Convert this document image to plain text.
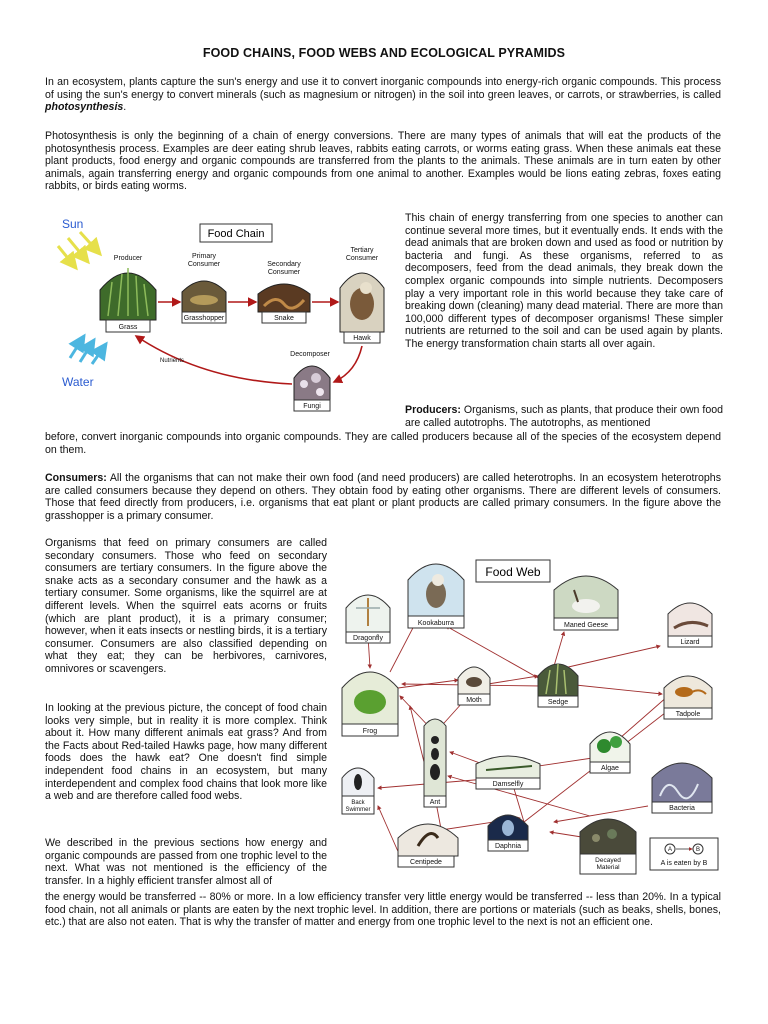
FOOD CHAINS, FOOD WEBS AND ECOLOGICAL PYRAMIDS
In an ecosystem, plants capture the sun's energy and use it to convert inorganic compounds into energy-rich organic compounds. This process of using the sun's energy to convert minerals (such as magnesium or nitrogen) in the soil into green leaves, or carrots, or strawberries, is called photosynthesis.
Photosynthesis is only the beginning of a chain of energy conversions. There are many types of animals that will eat the products of the photosynthesis process. Examples are deer eating shrub leaves, rabbits eating carrots, or worms eating grass. When these animals eat these plant products, food energy and organic compounds are transferred from the plants to the animals. These animals are in turn eaten by other animals, again transferring energy and organic compounds from one animal to another. Examples would be lions eating zebras, foxes eating rabbits, or birds eating worms.
Sun
Water
Food Chain
Producer
Grass
Primary Consumer
Grasshopper
Secondary Consumer
Snake
Tertiary Consumer
Hawk
Decomposer
Fungi
Nutrients
This chain of energy transferring from one species to another can continue several more times, but it eventually ends. It ends with the dead animals that are broken down and used as food or nutrition by bacteria and fungi. As these organisms, referred to as decomposers, feed from the dead animals, they break down the complex organic compounds into simple nutrients. Decomposers play a very important role in this world because they take care of breaking down (cleaning) many dead material. There are more than 100,000 different types of decomposer organisms! These simpler nutrients are returned to the soil and can be used again by plants. The energy transformation chain starts all over again.
Producers: Organisms, such as plants, that produce their own food are called autotrophs. The autotrophs, as mentioned
before, convert inorganic compounds into organic compounds. They are called producers because all of the species of the ecosystem depend on them.
Consumers: All the organisms that can not make their own food (and need producers) are called heterotrophs. In an ecosystem heterotrophs are called consumers because they depend on others. They obtain food by eating other organisms. There are different levels of consumers. Those that feed directly from producers, i.e. organisms that eat plant or plant products are called primary consumers. In the figure above the grasshopper is a primary consumer.
Organisms that feed on primary consumers are called secondary consumers. Those who feed on secondary consumers are tertiary consumers. In the figure above the snake acts as a secondary consumer and the hawk as a tertiary consumer. Some organisms, like the squirrel are at different levels. When the squirrel eats acorns or fruits (which are plant product), it is a primary consumer; however, when it eats insects or nestling birds, it is a tertiary consumer. Consumers are also classified depending on what they eat; they can be herbivores, carnivores, omnivores or scavengers.
In looking at the previous picture, the concept of food chain looks very simple, but in reality it is more complex. Think about it. How many different animals eat grass? And from the Facts about Red-tailed Hawks page, how many different foods does the hawk eat? One doesn't find simple independent food chains in an ecosystem, but many interdependent and complex food chains that look more like a web and are therefore called food webs.
We described in the previous sections how energy and organic compounds are passed from one trophic level to the next. What was not mentioned is the efficiency of the transfer. In a highly efficient transfer almost all of
the energy would be transferred -- 80% or more. In a low efficiency transfer very little energy would be transferred -- less than 20%. In a typical food chain, not all animals or plants are eaten by the next trophic level. In addition, there are portions or materials (such as beaks, shells, bones, etc.) that are also not eaten. That is why the transfer of matter and energy from one trophic level to the next is not an efficient one.
Food Web
Dragonfly
Kookaburra	Maned Geese
Lizard
Frog
Moth	Sedge
Tadpole
Ant
Algae
Back Swimmer
Damselfly
Bacteria
Daphnia
Centipede	Decayed Material
A	B
A is eaten by B
